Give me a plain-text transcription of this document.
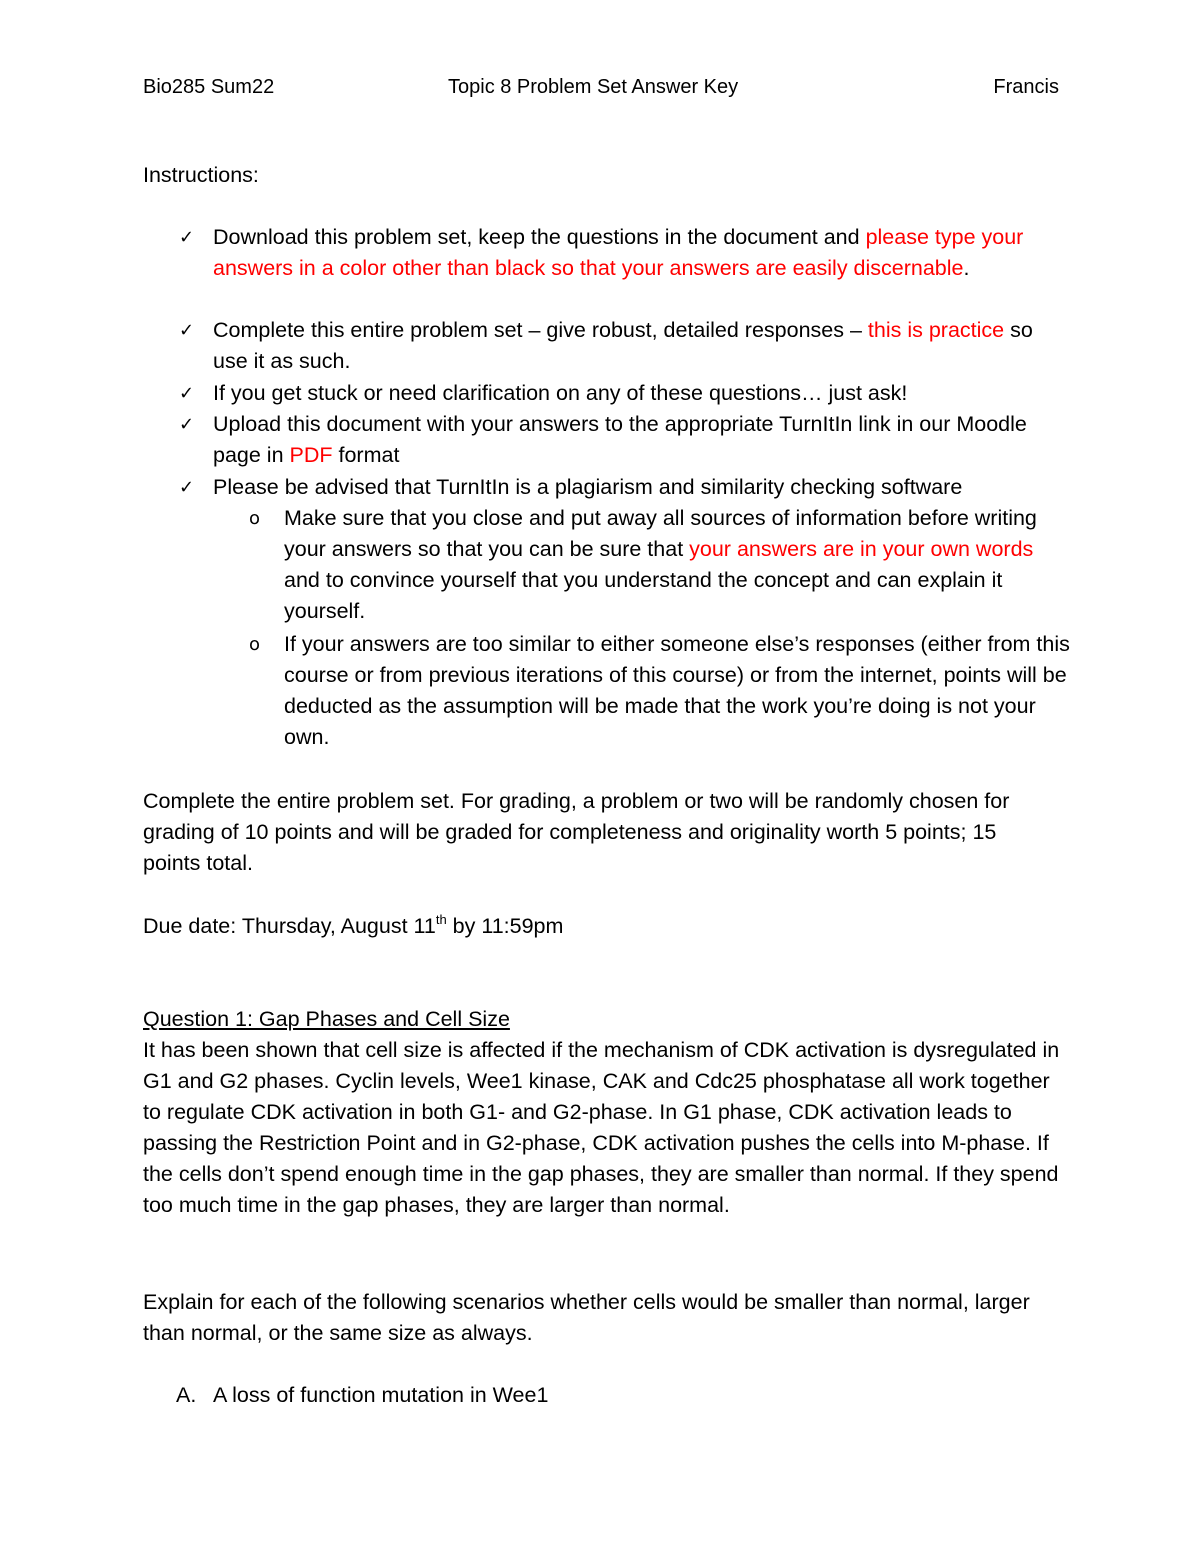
Bio285 Sum22	Topic 8 Problem Set Answer Key	Francis
Instructions:
✓ Download this problem set, keep the questions in the document and please type your answers in a color other than black so that your answers are easily discernable.
✓ Complete this entire problem set – give robust, detailed responses – this is practice so use it as such.
✓ If you get stuck or need clarification on any of these questions… just ask!
✓ Upload this document with your answers to the appropriate TurnItIn link in our Moodle page in PDF format
✓ Please be advised that TurnItIn is a plagiarism and similarity checking software
o Make sure that you close and put away all sources of information before writing your answers so that you can be sure that your answers are in your own words and to convince yourself that you understand the concept and can explain it yourself.
o If your answers are too similar to either someone else’s responses (either from this course or from previous iterations of this course) or from the internet, points will be deducted as the assumption will be made that the work you’re doing is not your own.
Complete the entire problem set. For grading, a problem or two will be randomly chosen for grading of 10 points and will be graded for completeness and originality worth 5 points; 15 points total.
Due date: Thursday, August 11th by 11:59pm
Question 1: Gap Phases and Cell Size
It has been shown that cell size is affected if the mechanism of CDK activation is dysregulated in G1 and G2 phases. Cyclin levels, Wee1 kinase, CAK and Cdc25 phosphatase all work together to regulate CDK activation in both G1- and G2-phase. In G1 phase, CDK activation leads to passing the Restriction Point and in G2-phase, CDK activation pushes the cells into M-phase. If the cells don’t spend enough time in the gap phases, they are smaller than normal. If they spend too much time in the gap phases, they are larger than normal.
Explain for each of the following scenarios whether cells would be smaller than normal, larger than normal, or the same size as always.
A. A loss of function mutation in Wee1
